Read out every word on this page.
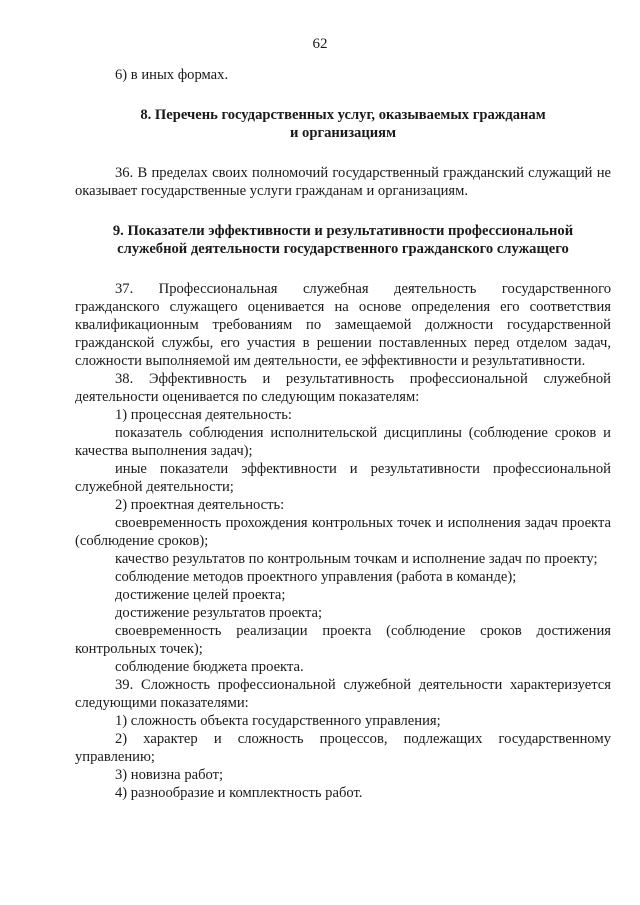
62

6) в иных формах.

8. Перечень государственных услуг, оказываемых гражданам

и организациям

36. В пределах своих полномочий государственный гражданский служащий не оказывает государственные услуги гражданам и организациям.

9. Показатели эффективности и результативности профессиональной

служебной деятельности государственного гражданского служащего

37. Профессиональная служебная деятельность государственного гражданского служащего оценивается на основе определения его соответствия квалификационным требованиям по замещаемой должности государственной гражданской службы, его участия в решении поставленных перед отделом задач, сложности выполняемой им деятельности, ее эффективности и результативности.

38. Эффективность и результативность профессиональной служебной деятельности оценивается по следующим показателям:

1) процессная деятельность:

показатель соблюдения исполнительской дисциплины (соблюдение сроков и качества выполнения задач);

иные показатели эффективности и результативности профессиональной служебной деятельности;

2) проектная деятельность:

своевременность прохождения контрольных точек и исполнения задач проекта (соблюдение сроков);

качество результатов по контрольным точкам и исполнение задач по проекту;

соблюдение методов проектного управления (работа в команде);

достижение целей проекта;

достижение результатов проекта;

своевременность реализации проекта (соблюдение сроков достижения контрольных точек);

соблюдение бюджета проекта.

39. Сложность профессиональной служебной деятельности характеризуется следующими показателями:

1) сложность объекта государственного управления;

2) характер и сложность процессов, подлежащих государственному управлению;

3) новизна работ;

4) разнообразие и комплектность работ.
